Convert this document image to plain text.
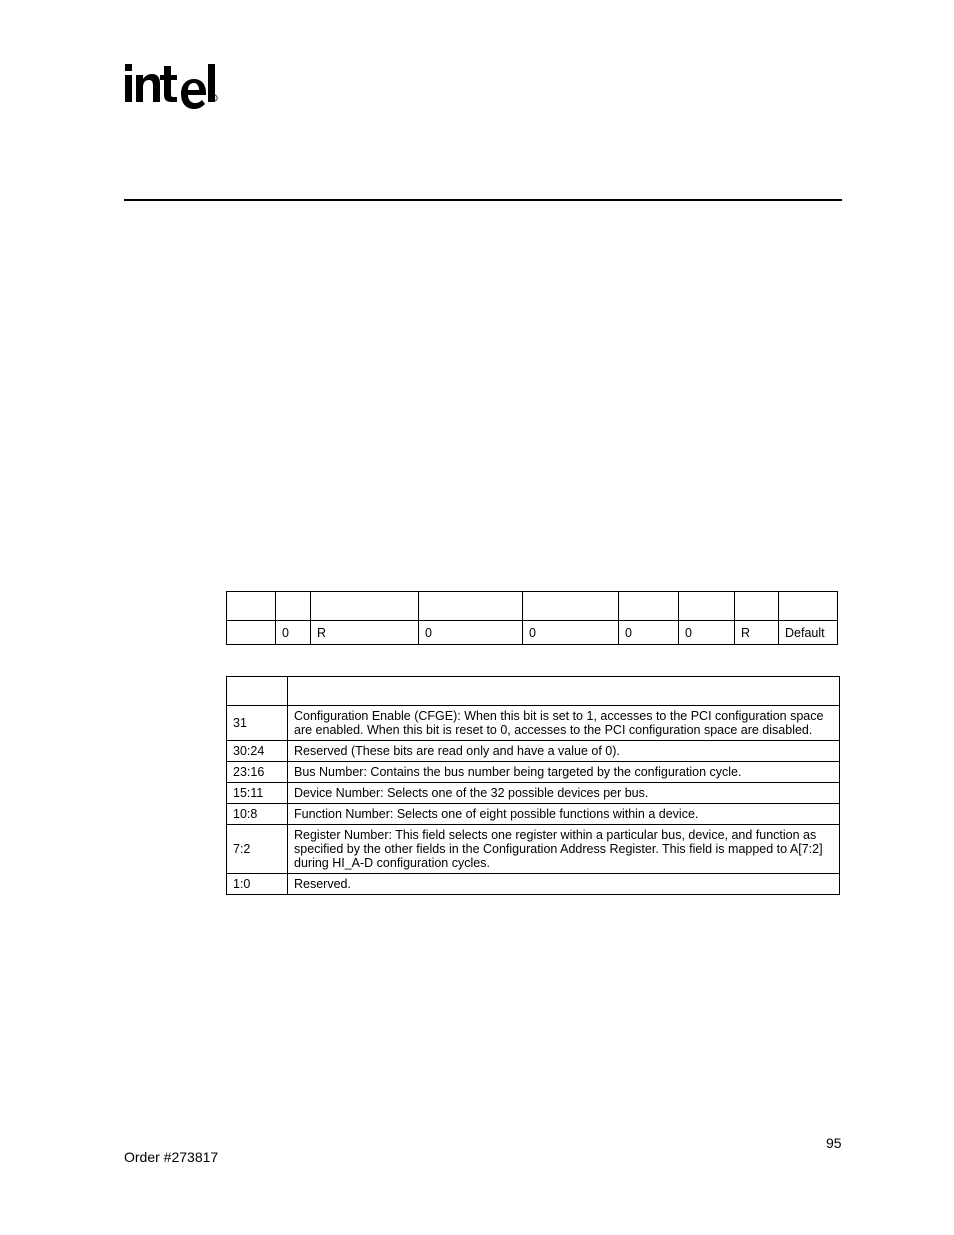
R

	0	R	0	0	0	0	R	Default

31	Configuration Enable (CFGE): When this bit is set to 1, accesses to the PCI configuration space are enabled. When this bit is reset to 0, accesses to the PCI configuration space are disabled.
30:24	Reserved (These bits are read only and have a value of 0).
23:16	Bus Number: Contains the bus number being targeted by the configuration cycle.
15:11	Device Number: Selects one of the 32 possible devices per bus.
10:8	Function Number: Selects one of eight possible functions within a device.
7:2	Register Number: This field selects one register within a particular bus, device, and function as specified by the other fields in the Configuration Address Register. This field is mapped to A[7:2] during HI_A-D configuration cycles.
1:0	Reserved.
95
Order #273817
